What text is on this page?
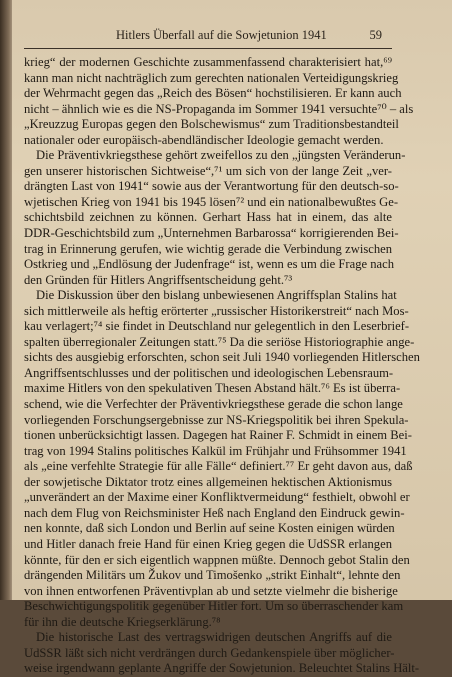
Hitlers Überfall auf die Sowjetunion 1941	59
krieg“ der modernen Geschichte zusammenfassend charakterisiert hat,⁶⁹
kann man nicht nachträglich zum gerechten nationalen Verteidigungskrieg
der Wehrmacht gegen das „Reich des Bösen“ hochstilisieren. Er kann auch
nicht – ähnlich wie es die NS-Propaganda im Sommer 1941 versuchte⁷⁰ – als
„Kreuzzug Europas gegen den Bolschewismus“ zum Traditionsbestandteil
nationaler oder europäisch-abendländischer Ideologie gemacht werden.
Die Präventivkriegsthese gehört zweifellos zu den „jüngsten Veränderun-
gen unserer historischen Sichtweise“,⁷¹ um sich von der lange Zeit „ver-
drängten Last von 1941“ sowie aus der Verantwortung für den deutsch-so-
wjetischen Krieg von 1941 bis 1945 lösen⁷² und ein nationalbewußtes Ge-
schichtsbild zeichnen zu können. Gerhart Hass hat in einem, das alte
DDR-Geschichtsbild zum „Unternehmen Barbarossa“ korrigierenden Bei-
trag in Erinnerung gerufen, wie wichtig gerade die Verbindung zwischen
Ostkrieg und „Endlösung der Judenfrage“ ist, wenn es um die Frage nach
den Gründen für Hitlers Angriffsentscheidung geht.⁷³
Die Diskussion über den bislang unbewiesenen Angriffsplan Stalins hat
sich mittlerweile als heftig erörterter „russischer Historikerstreit“ nach Mos-
kau verlagert;⁷⁴ sie findet in Deutschland nur gelegentlich in den Leserbrief-
spalten überregionaler Zeitungen statt.⁷⁵ Da die seriöse Historiographie ange-
sichts des ausgiebig erforschten, schon seit Juli 1940 vorliegenden Hitlerschen
Angriffsentschlusses und der politischen und ideologischen Lebensraum-
maxime Hitlers von den spekulativen Thesen Abstand hält.⁷⁶ Es ist überra-
schend, wie die Verfechter der Präventivkriegsthese gerade die schon lange
vorliegenden Forschungsergebnisse zur NS-Kriegspolitik bei ihren Spekula-
tionen unberücksichtigt lassen. Dagegen hat Rainer F. Schmidt in einem Bei-
trag von 1994 Stalins politisches Kalkül im Frühjahr und Frühsommer 1941
als „eine verfehlte Strategie für alle Fälle“ definiert.⁷⁷ Er geht davon aus, daß
der sowjetische Diktator trotz eines allgemeinen hektischen Aktionismus
„unverändert an der Maxime einer Konfliktvermeidung“ festhielt, obwohl er
nach dem Flug von Reichsminister Heß nach England den Eindruck gewin-
nen konnte, daß sich London und Berlin auf seine Kosten einigen würden
und Hitler danach freie Hand für einen Krieg gegen die UdSSR erlangen
könnte, für den er sich eigentlich wappnen müßte. Dennoch gebot Stalin den
drängenden Militärs um Žukov und Timošenko „strikt Einhalt“, lehnte den
von ihnen entworfenen Präventivplan ab und setzte vielmehr die bisherige
Beschwichtigungspolitik gegenüber Hitler fort. Um so überraschender kam
für ihn die deutsche Kriegserklärung.⁷⁸
Die historische Last des vertragswidrigen deutschen Angriffs auf die
UdSSR läßt sich nicht verdrängen durch Gedankenspiele über möglicher-
weise irgendwann geplante Angriffe der Sowjetunion. Beleuchtet Stalins Hält-
